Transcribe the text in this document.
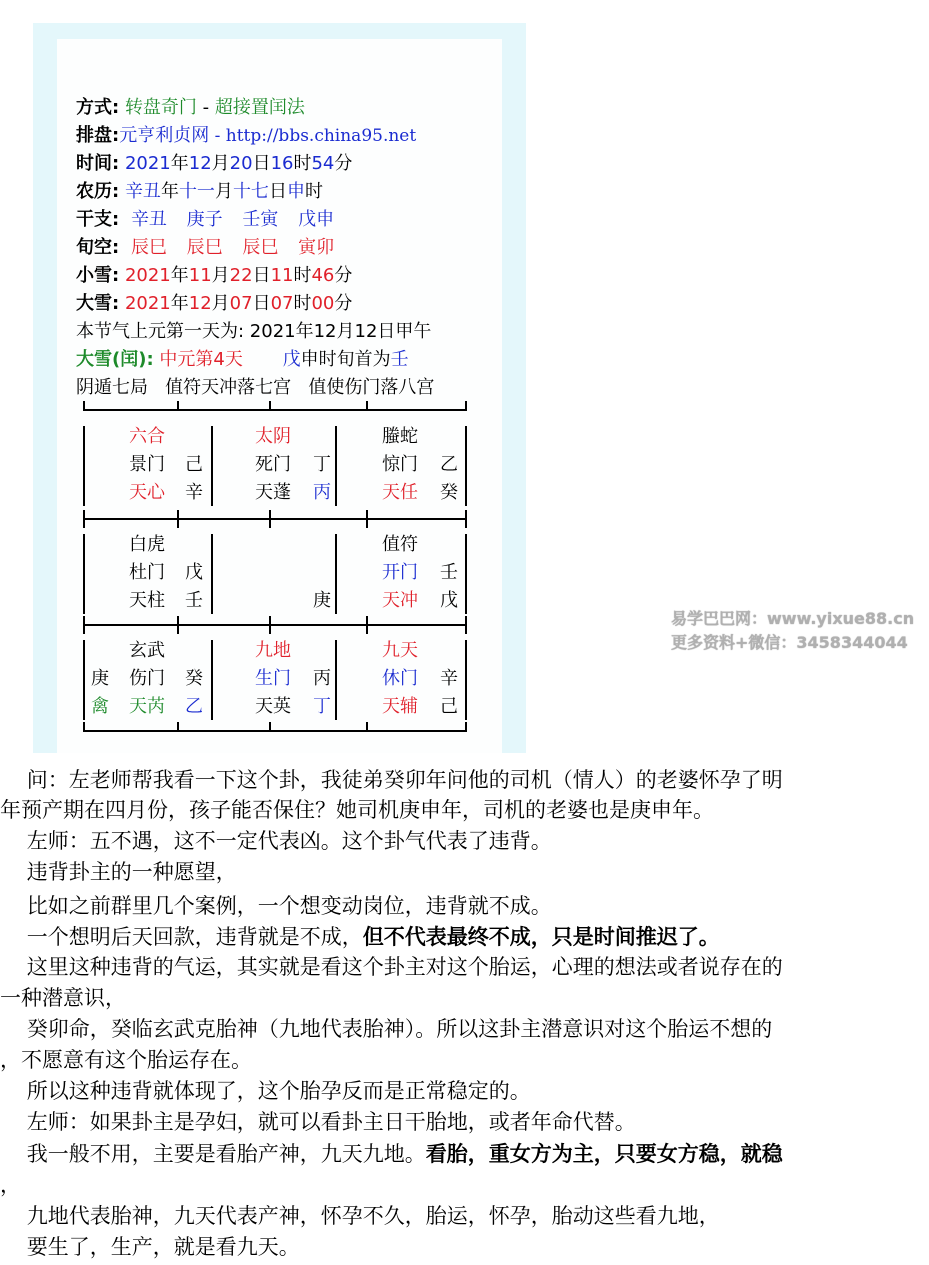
方式: 转盘奇门 - 超接置闰法
排盘:元亨利贞网 - http://bbs.china95.net
时间: 2021年12月20日16时54分
农历: 辛丑年十一月十七日申时
干支: 辛丑 庚子 壬寅 戊申
旬空: 辰巳 辰巳 辰巳 寅卯
小雪: 2021年11月22日11时46分
大雪: 2021年12月07日07时00分
本节气上元第一天为: 2021年12月12日甲午
大雪(闰): 中元第4天 戊申时旬首为壬
阴遁七局   值符天冲落七宫   值使伤门落八宫
六合
景门 己
天心 辛
太阴
死门 丁
天蓬 丙
螣蛇
惊门 乙
天任 癸
白虎
杜门 戊
天柱 壬	庚
值符
开门 壬
天冲 戊
玄武
庚 伤门 癸
禽 天芮 乙
九地
生门 丙
天英 丁
九天
休门 辛
天辅 己
易学巴巴网：www.yixue88.cn
更多资料+微信：3458344044
问：左老师帮我看一下这个卦，我徒弟癸卯年问他的司机（情人）的老婆怀孕了明
年预产期在四月份，孩子能否保住？她司机庚申年，司机的老婆也是庚申年。
左师：五不遇，这不一定代表凶。这个卦气代表了违背。
违背卦主的一种愿望，
比如之前群里几个案例，一个想变动岗位，违背就不成。
一个想明后天回款，违背就是不成，但不代表最终不成，只是时间推迟了。
这里这种违背的气运，其实就是看这个卦主对这个胎运，心理的想法或者说存在的
一种潜意识，
癸卯命，癸临玄武克胎神（九地代表胎神）。所以这卦主潜意识对这个胎运不想的
，不愿意有这个胎运存在。
所以这种违背就体现了，这个胎孕反而是正常稳定的。
左师：如果卦主是孕妇，就可以看卦主日干胎地，或者年命代替。
我一般不用，主要是看胎产神，九天九地。看胎，重女方为主，只要女方稳，就稳
，
九地代表胎神，九天代表产神，怀孕不久，胎运，怀孕，胎动这些看九地，
要生了，生产，就是看九天。
